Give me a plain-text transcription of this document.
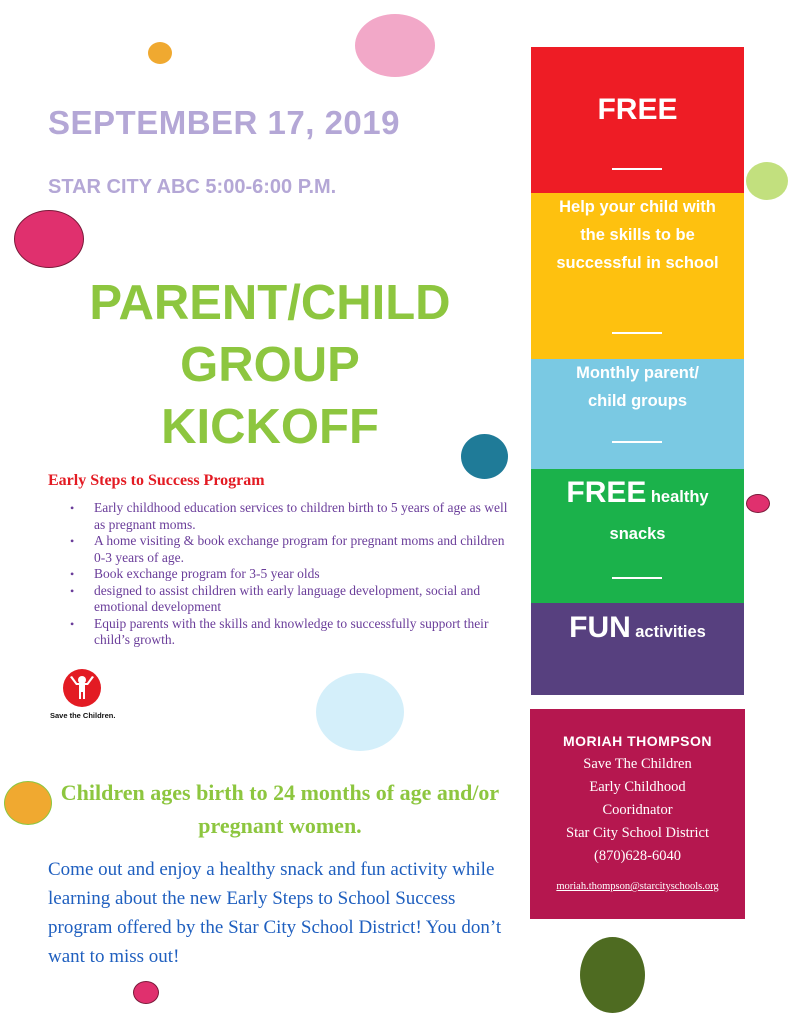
SEPTEMBER 17, 2019
STAR CITY ABC 5:00-6:00 P.M.
PARENT/CHILD
GROUP
KICKOFF
Early Steps to Success Program
• Early childhood education services to children birth to 5 years of age as well as pregnant moms.
• A home visiting & book exchange program for pregnant moms and children 0-3 years of age.
• Book exchange program for 3-5 year olds
• designed to assist children with early language development, social and emotional development
• Equip parents with the skills and knowledge to successfully support their child’s growth.
Save the Children.
Children ages birth to 24 months of age and/or pregnant women.
Come out and enjoy a healthy snack and fun activity while learning about the new Early Steps to School Success program offered by the Star City School District! You don’t want to miss out!
FREE
Help your child with the skills to be successful in school
Monthly parent/ child groups
FREE healthy snacks
FUN activities
MORIAH THOMPSON
Save The Children
Early Childhood
Cooridnator
Star City School District
(870)628-6040
moriah.thompson@starcityschools.org
